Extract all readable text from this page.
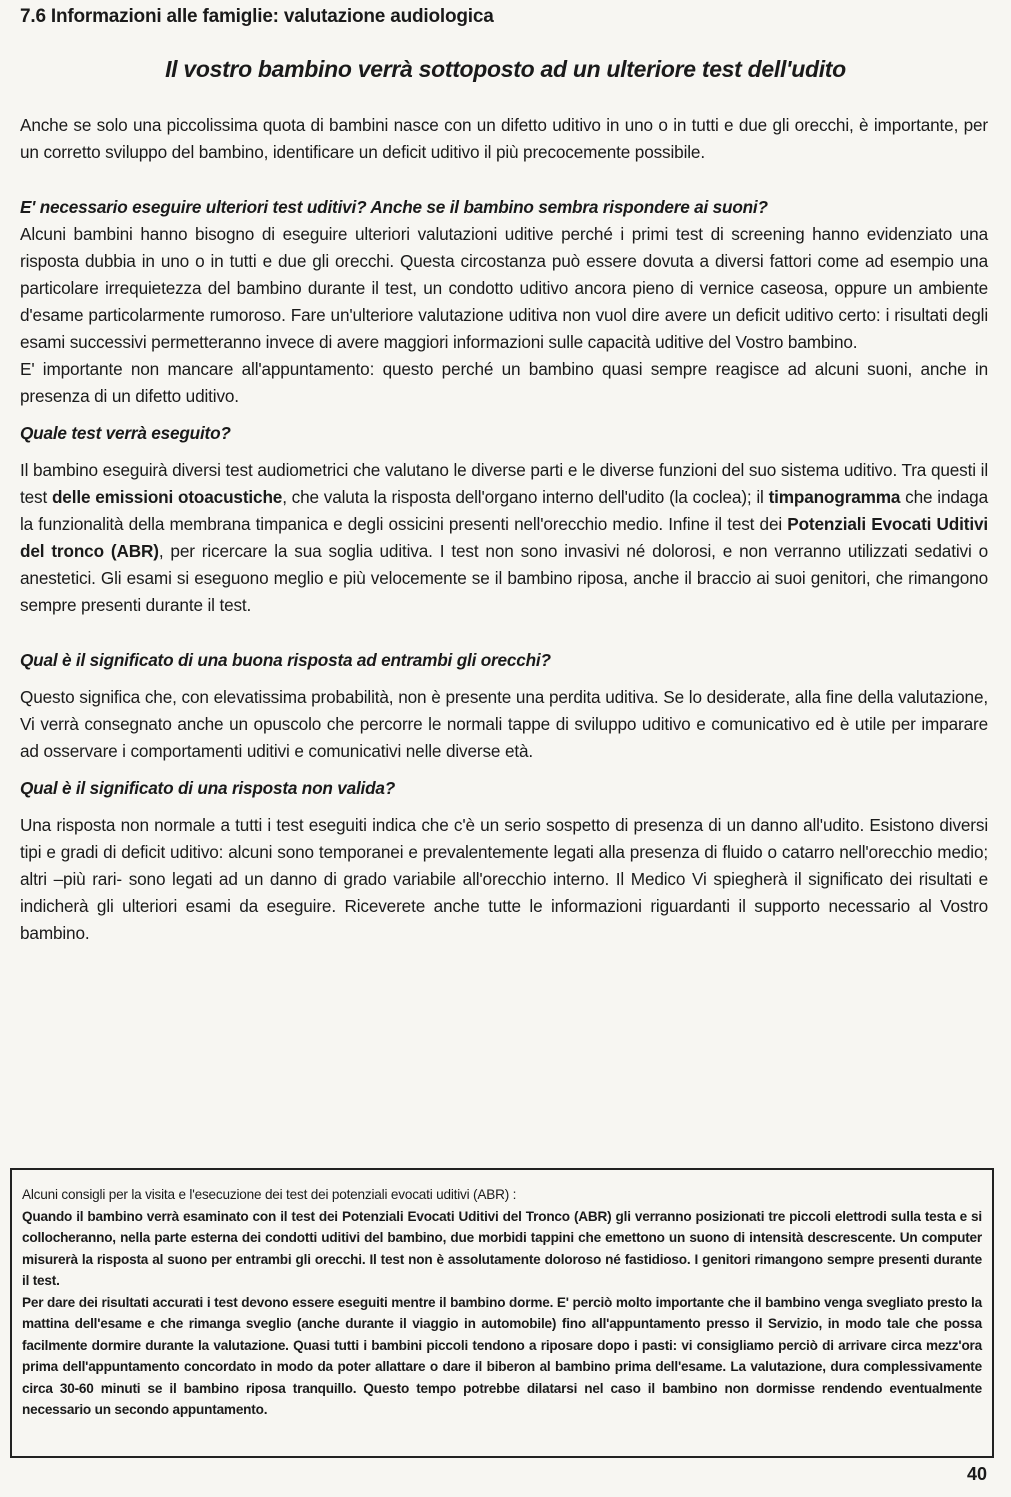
7.6 Informazioni alle famiglie: valutazione audiologica
Il vostro bambino verrà sottoposto ad un ulteriore test dell'udito

Anche se solo una piccolissima quota di bambini nasce con un difetto uditivo in uno o in tutti e due gli orecchi, è importante, per un corretto sviluppo del bambino, identificare un deficit uditivo il più precocemente possibile.

E' necessario eseguire ulteriori test uditivi? Anche se il bambino sembra rispondere ai suoni?

Alcuni bambini hanno bisogno di eseguire ulteriori valutazioni uditive perché i primi test di screening hanno evidenziato una risposta dubbia in uno o in tutti e due gli orecchi. Questa circostanza può essere dovuta a diversi fattori come ad esempio una particolare irrequietezza del bambino durante il test, un condotto uditivo ancora pieno di vernice caseosa, oppure un ambiente d'esame particolarmente rumoroso. Fare un'ulteriore valutazione uditiva non vuol dire avere un deficit uditivo certo: i risultati degli esami successivi permetteranno invece di avere maggiori informazioni sulle capacità uditive del Vostro bambino.

E' importante non mancare all'appuntamento: questo perché un bambino quasi sempre reagisce ad alcuni suoni, anche in presenza di un difetto uditivo.

Quale test verrà eseguito?

Il bambino eseguirà diversi test audiometrici che valutano le diverse parti e le diverse funzioni del suo sistema uditivo. Tra questi il test delle emissioni otoacustiche, che valuta la risposta dell'organo interno dell'udito (la coclea); il timpanogramma che indaga la funzionalità della membrana timpanica e degli ossicini presenti nell'orecchio medio. Infine il test dei Potenziali Evocati Uditivi del tronco (ABR), per ricercare la sua soglia uditiva. I test non sono invasivi né dolorosi, e non verranno utilizzati sedativi o anestetici. Gli esami si eseguono meglio e più velocemente se il bambino riposa, anche il braccio ai suoi genitori, che rimangono sempre presenti durante il test.

Qual è il significato di una buona risposta ad entrambi gli orecchi?

Questo significa che, con elevatissima probabilità, non è presente una perdita uditiva. Se lo desiderate, alla fine della valutazione, Vi verrà consegnato anche un opuscolo che percorre le normali tappe di sviluppo uditivo e comunicativo ed è utile per imparare ad osservare i comportamenti uditivi e comunicativi nelle diverse età.

Qual è il significato di una risposta non valida?

Una risposta non normale a tutti i test eseguiti indica che c'è un serio sospetto di presenza di un danno all'udito. Esistono diversi tipi e gradi di deficit uditivo: alcuni sono temporanei e prevalentemente legati alla presenza di fluido o catarro nell'orecchio medio; altri –più rari- sono legati ad un danno di grado variabile all'orecchio interno. Il Medico Vi spiegherà il significato dei risultati e indicherà gli ulteriori esami da eseguire. Riceverete anche tutte le informazioni riguardanti il supporto necessario al Vostro bambino.

Alcuni consigli per la visita e l'esecuzione dei test dei potenziali evocati uditivi (ABR) :

Quando il bambino verrà esaminato con il test dei Potenziali Evocati Uditivi del Tronco (ABR) gli verranno posizionati tre piccoli elettrodi sulla testa e si collocheranno, nella parte esterna dei condotti uditivi del bambino, due morbidi tappini che emettono un suono di intensità descrescente. Un computer misurerà la risposta al suono per entrambi gli orecchi. Il test non è assolutamente doloroso né fastidioso. I genitori rimangono sempre presenti durante il test.

Per dare dei risultati accurati i test devono essere eseguiti mentre il bambino dorme. E' perciò molto importante che il bambino venga svegliato presto la mattina dell'esame e che rimanga sveglio (anche durante il viaggio in automobile) fino all'appuntamento presso il Servizio, in modo tale che possa facilmente dormire durante la valutazione. Quasi tutti i bambini piccoli tendono a riposare dopo i pasti: vi consigliamo perciò di arrivare circa mezz'ora prima dell'appuntamento concordato in modo da poter allattare o dare il biberon al bambino prima dell'esame. La valutazione, dura complessivamente circa 30-60 minuti se il bambino riposa tranquillo. Questo tempo potrebbe dilatarsi nel caso il bambino non dormisse rendendo eventualmente necessario un secondo appuntamento.

40
